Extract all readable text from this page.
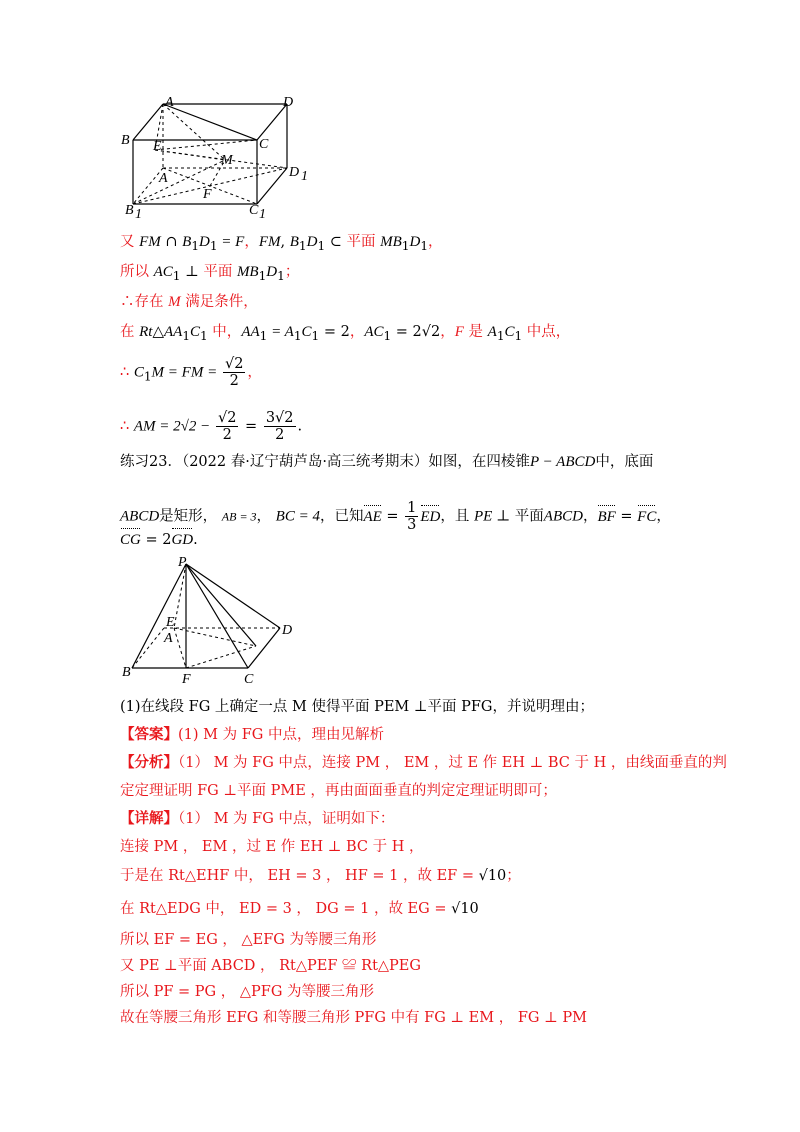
A	D
B	C
E
M
A	D 1
F
B 1	C 1
又 FM ∩ $B_1D_1 = F$，FM, $B_1D_1$ ⊂ 平面 $MB_1D_1$，
所以 $AC_1$ ⊥ 平面 $MB_1D_1$；
∴存在 M 满足条件，
在 $Rt\triangle AA_1C_1$ 中，$AA_1 = A_1C_1 = 2$，$AC_1 = 2√2$，F 是 $A_1C_1$ 中点，
∴ $C_1M$ = FM = $\frac{√2}{2}$ ，
∴ AM = $2√2 - \frac{√2}{2} = \frac{3√2}{2}$ .
练习23．（2022 春·辽宁葫芦岛·高三统考期末）如图，在四棱锥P − ABCD中，底面
ABCD是矩形， AB = 3， BC = 4，已知AE = $\frac{1}{3}$ ED，且 PE ⊥ 平面ABCD，BF = FC，
CG = 2GD.
P
E
A
D
B	F	C
(1)在线段 FG 上确定一点 M 使得平面 PEM ⊥平面 PFG，并说明理由；
【答案】(1) M 为 FG 中点，理由见解析
【分析】（1） M 为 FG 中点，连接 PM ， EM ，过 E 作 EH ⊥ BC 于 H ，由线面垂直的判
定定理证明 FG ⊥平面 PME ，再由面面垂直的判定定理证明即可；
【详解】（1） M 为 FG 中点，证明如下：
连接 PM ， EM ，过 E 作 EH ⊥ BC 于 H ，
于是在 Rt△EHF 中， EH = 3 ， HF = 1 ，故 EF = √10；
在 Rt△EDG 中， ED = 3 ， DG = 1 ，故 EG = √10
所以 EF = EG ， △EFG 为等腰三角形
又 PE ⊥平面 ABCD ， Rt△PEF ≌ Rt△PEG
所以 PF = PG ， △PFG 为等腰三角形
故在等腰三角形 EFG 和等腰三角形 PFG 中有 FG ⊥ EM ， FG ⊥ PM
